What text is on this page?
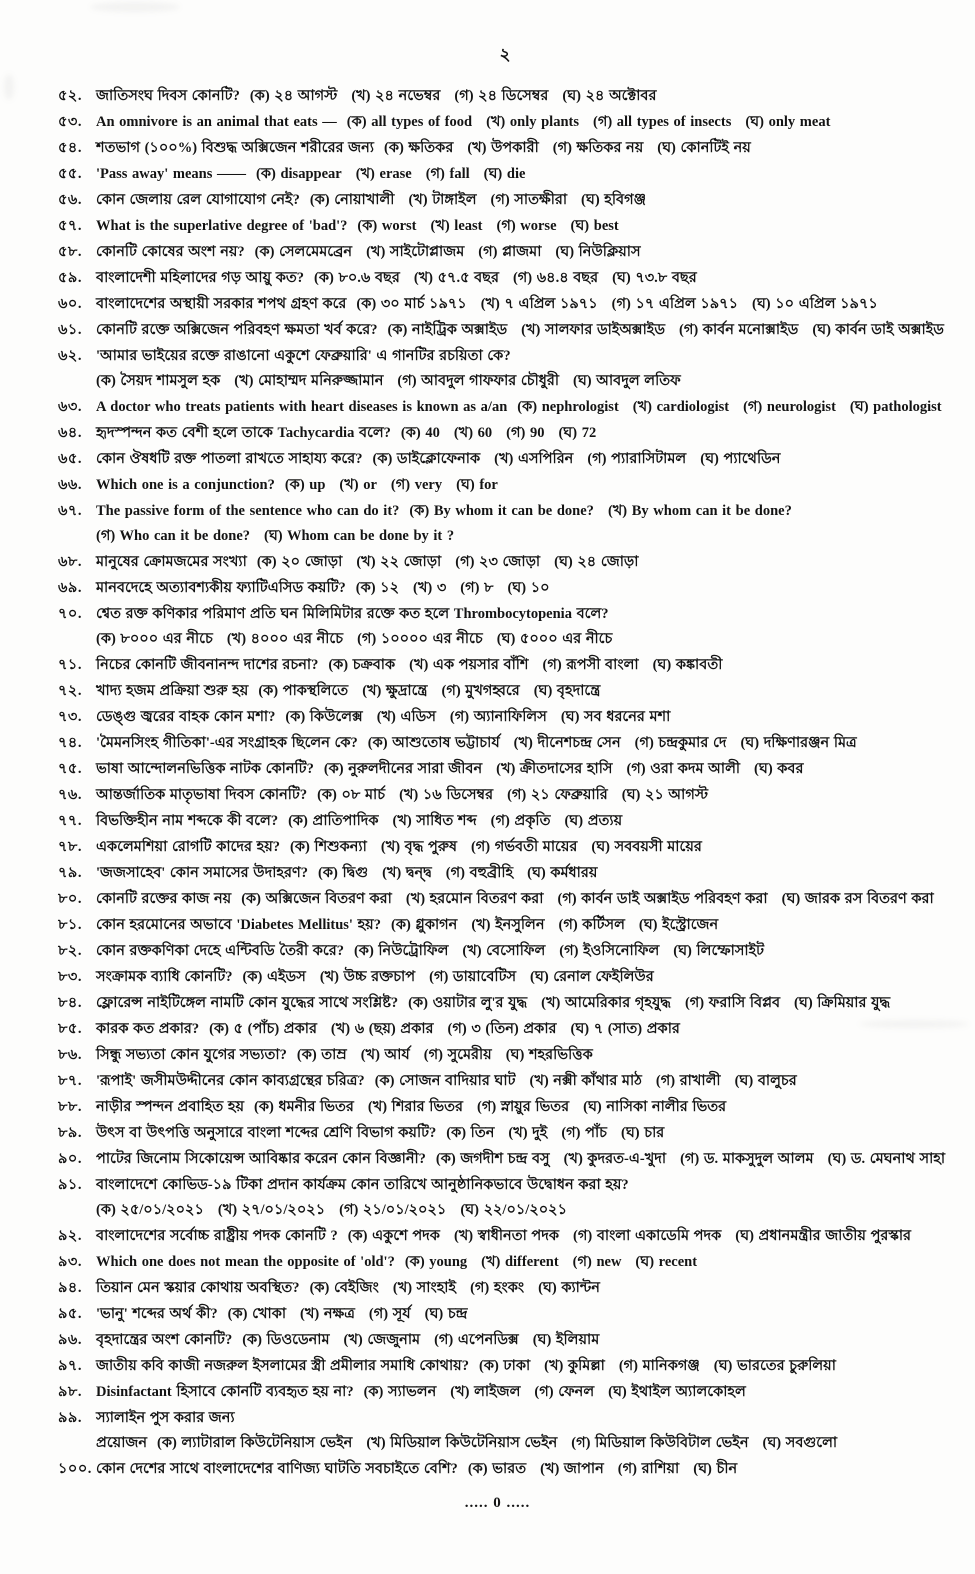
২
৫২. জাতিসংঘ দিবস কোনটি? (ক) ২৪ আগস্ট (খ) ২৪ নভেম্বর (গ) ২৪ ডিসেম্বর (ঘ) ২৪ অক্টোবর
৫৩. An omnivore is an animal that eats — (ক) all types of food (খ) only plants (গ) all types of insects (ঘ) only meat
৫৪. শতভাগ (১০০%) বিশুদ্ধ অক্সিজেন শরীরের জন্য (ক) ক্ষতিকর (খ) উপকারী (গ) ক্ষতিকর নয় (ঘ) কোনটিই নয়
৫৫. 'Pass away' means —— (ক) disappear (খ) erase (গ) fall (ঘ) die
৫৬. কোন জেলায় রেল যোগাযোগ নেই? (ক) নোয়াখালী (খ) টাঙ্গাইল (গ) সাতক্ষীরা (ঘ) হবিগঞ্জ
৫৭. What is the superlative degree of 'bad'? (ক) worst (খ) least (গ) worse (ঘ) best
৫৮. কোনটি কোষের অংশ নয়? (ক) সেলমেমব্রেন (খ) সাইটোপ্লাজম (গ) প্লাজমা (ঘ) নিউক্লিয়াস
৫৯. বাংলাদেশী মহিলাদের গড় আয়ু কত? (ক) ৮০.৬ বছর (খ) ৫৭.৫ বছর (গ) ৬৪.৪ বছর (ঘ) ৭৩.৮ বছর
৬০. বাংলাদেশের অস্থায়ী সরকার শপথ গ্রহণ করে (ক) ৩০ মার্চ ১৯৭১ (খ) ৭ এপ্রিল ১৯৭১ (গ) ১৭ এপ্রিল ১৯৭১ (ঘ) ১০ এপ্রিল ১৯৭১
৬১. কোনটি রক্তে অক্সিজেন পরিবহণ ক্ষমতা খর্ব করে? (ক) নাইট্রিক অক্সাইড (খ) সালফার ডাইঅক্সাইড (গ) কার্বন মনোক্সাইড (ঘ) কার্বন ডাই অক্সাইড
৬২. 'আমার ভাইয়ের রক্তে রাঙানো একুশে ফেব্রুয়ারি' এ গানটির রচয়িতা কে?(ক) সৈয়দ শামসুল হক (খ) মোহাম্মদ মনিরুজ্জামান (গ) আবদুল গাফফার চৌধুরী (ঘ) আবদুল লতিফ
৬৩. A doctor who treats patients with heart diseases is known as a/an (ক) nephrologist (খ) cardiologist (গ) neurologist (ঘ) pathologist
৬৪. হৃদস্পন্দন কত বেশী হলে তাকে Tachycardia বলে? (ক) 40 (খ) 60 (গ) 90 (ঘ) 72
৬৫. কোন ঔষধটি রক্ত পাতলা রাখতে সাহায্য করে? (ক) ডাইক্লোফেনাক (খ) এসপিরিন (গ) প্যারাসিটামল (ঘ) প্যাথেডিন
৬৬. Which one is a conjunction? (ক) up (খ) or (গ) very (ঘ) for
৬৭. The passive form of the sentence who can do it? (ক) By whom it can be done? (খ) By whom can it be done?(গ) Who can it be done? (ঘ) Whom can be done by it ?
৬৮. মানুষের ক্রোমজমের সংখ্যা (ক) ২০ জোড়া (খ) ২২ জোড়া (গ) ২৩ জোড়া (ঘ) ২৪ জোড়া
৬৯. মানবদেহে অত্যাবশ্যকীয় ফ্যাটিএসিড কয়টি? (ক) ১২ (খ) ৩ (গ) ৮ (ঘ) ১০
৭০. শ্বেত রক্ত কণিকার পরিমাণ প্রতি ঘন মিলিমিটার রক্তে কত হলে Thrombocytopenia বলে?(ক) ৮০০০ এর নীচে (খ) ৪০০০ এর নীচে (গ) ১০০০০ এর নীচে (ঘ) ৫০০০ এর নীচে
৭১. নিচের কোনটি জীবনানন্দ দাশের রচনা? (ক) চক্রবাক (খ) এক পয়সার বাঁশি (গ) রূপসী বাংলা (ঘ) কঙ্কাবতী
৭২. খাদ্য হজম প্রক্রিয়া শুরু হয় (ক) পাকস্থলিতে (খ) ক্ষুদ্রান্ত্রে (গ) মুখগহ্বরে (ঘ) বৃহদান্ত্রে
৭৩. ডেঙ্গু জ্বরের বাহক কোন মশা? (ক) কিউলেক্স (খ) এডিস (গ) অ্যানাফিলিস (ঘ) সব ধরনের মশা
৭৪. 'মৈমনসিংহ গীতিকা'-এর সংগ্রাহক ছিলেন কে? (ক) আশুতোষ ভট্টাচার্য (খ) দীনেশচন্দ্র সেন (গ) চন্দ্রকুমার দে (ঘ) দক্ষিণারঞ্জন মিত্র
৭৫. ভাষা আন্দোলনভিত্তিক নাটক কোনটি? (ক) নুরুলদীনের সারা জীবন (খ) ক্রীতদাসের হাসি (গ) ওরা কদম আলী (ঘ) কবর
৭৬. আন্তর্জাতিক মাতৃভাষা দিবস কোনটি? (ক) ০৮ মার্চ (খ) ১৬ ডিসেম্বর (গ) ২১ ফেব্রুয়ারি (ঘ) ২১ আগস্ট
৭৭. বিভক্তিহীন নাম শব্দকে কী বলে? (ক) প্রাতিপাদিক (খ) সাধিত শব্দ (গ) প্রকৃতি (ঘ) প্রত্যয়
৭৮. একলেমশিয়া রোগটি কাদের হয়? (ক) শিশুকন্যা (খ) বৃদ্ধ পুরুষ (গ) গর্ভবতী মায়ের (ঘ) সববয়সী মায়ের
৭৯. 'জজসাহেব' কোন সমাসের উদাহরণ? (ক) দ্বিগু (খ) দ্বন্দ্ব (গ) বহুব্রীহি (ঘ) কর্মধারয়
৮০. কোনটি রক্তের কাজ নয় (ক) অক্সিজেন বিতরণ করা (খ) হরমোন বিতরণ করা (গ) কার্বন ডাই অক্সাইড পরিবহণ করা (ঘ) জারক রস বিতরণ করা
৮১. কোন হরমোনের অভাবে 'Diabetes Mellitus' হয়? (ক) গ্লুকাগন (খ) ইনসুলিন (গ) কর্টিসল (ঘ) ইস্ট্রোজেন
৮২. কোন রক্তকণিকা দেহে এন্টিবডি তৈরী করে? (ক) নিউট্রোফিল (খ) বেসোফিল (গ) ইওসিনোফিল (ঘ) লিম্ফোসাইট
৮৩. সংক্রামক ব্যাধি কোনটি? (ক) এইডস (খ) উচ্চ রক্তচাপ (গ) ডায়াবেটিস (ঘ) রেনাল ফেইলিউর
৮৪. ফ্লোরেন্স নাইটিঙ্গেল নামটি কোন যুদ্ধের সাথে সংশ্লিষ্ট? (ক) ওয়াটার লু'র যুদ্ধ (খ) আমেরিকার গৃহযুদ্ধ (গ) ফরাসি বিপ্লব (ঘ) ক্রিমিয়ার যুদ্ধ
৮৫. কারক কত প্রকার? (ক) ৫ (পাঁচ) প্রকার (খ) ৬ (ছয়) প্রকার (গ) ৩ (তিন) প্রকার (ঘ) ৭ (সাত) প্রকার
৮৬. সিন্ধু সভ্যতা কোন যুগের সভ্যতা? (ক) তাম্র (খ) আর্য (গ) সুমেরীয় (ঘ) শহরভিত্তিক
৮৭. 'রূপাই' জসীমউদ্দীনের কোন কাব্যগ্রন্থের চরিত্র? (ক) সোজন বাদিয়ার ঘাট (খ) নক্সী কাঁথার মাঠ (গ) রাখালী (ঘ) বালুচর
৮৮. নাড়ীর স্পন্দন প্রবাহিত হয় (ক) ধমনীর ভিতর (খ) শিরার ভিতর (গ) স্নায়ুর ভিতর (ঘ) নাসিকা নালীর ভিতর
৮৯. উৎস বা উৎপত্তি অনুসারে বাংলা শব্দের শ্রেণি বিভাগ কয়টি? (ক) তিন (খ) দুই (গ) পাঁচ (ঘ) চার
৯০. পাটের জিনোম সিকোয়েন্স আবিষ্কার করেন কোন বিজ্ঞানী? (ক) জগদীশ চন্দ্র বসু (খ) কুদরত-এ-খুদা (গ) ড. মাকসুদুল আলম (ঘ) ড. মেঘনাথ সাহা
৯১. বাংলাদেশে কোভিড-১৯ টিকা প্রদান কার্যক্রম কোন তারিখে আনুষ্ঠানিকভাবে উদ্বোধন করা হয়?(ক) ২৫/০১/২০২১ (খ) ২৭/০১/২০২১ (গ) ২১/০১/২০২১ (ঘ) ২২/০১/২০২১
৯২. বাংলাদেশের সর্বোচ্চ রাষ্ট্রীয় পদক কোনটি ? (ক) একুশে পদক (খ) স্বাধীনতা পদক (গ) বাংলা একাডেমি পদক (ঘ) প্রধানমন্ত্রীর জাতীয় পুরস্কার
৯৩. Which one does not mean the opposite of 'old'? (ক) young (খ) different (গ) new (ঘ) recent
৯৪. তিয়ান মেন স্কয়ার কোথায় অবস্থিত? (ক) বেইজিং (খ) সাংহাই (গ) হংকং (ঘ) ক্যান্টন
৯৫. 'ভানু' শব্দের অর্থ কী? (ক) খোকা (খ) নক্ষত্র (গ) সূর্য (ঘ) চন্দ্র
৯৬. বৃহদান্ত্রের অংশ কোনটি? (ক) ডিওডেনাম (খ) জেজুনাম (গ) এপেনডিক্স (ঘ) ইলিয়াম
৯৭. জাতীয় কবি কাজী নজরুল ইসলামের স্ত্রী প্রমীলার সমাধি কোথায়? (ক) ঢাকা (খ) কুমিল্লা (গ) মানিকগঞ্জ (ঘ) ভারতের চুরুলিয়া
৯৮. Disinfactant হিসাবে কোনটি ব্যবহৃত হয় না? (ক) স্যাভলন (খ) লাইজল (গ) ফেনল (ঘ) ইথাইল অ্যালকোহল
৯৯. স্যালাইন পুস করার জন্য প্রয়োজন (ক) ল্যাটারাল কিউটেনিয়াস ভেইন (খ) মিডিয়াল কিউটেনিয়াস ভেইন (গ) মিডিয়াল কিউবিটাল ভেইন (ঘ) সবগুলো
১০০. কোন দেশের সাথে বাংলাদেশের বাণিজ্য ঘাটতি সবচাইতে বেশি? (ক) ভারত (খ) জাপান (গ) রাশিয়া (ঘ) চীন
..... 0 .....
